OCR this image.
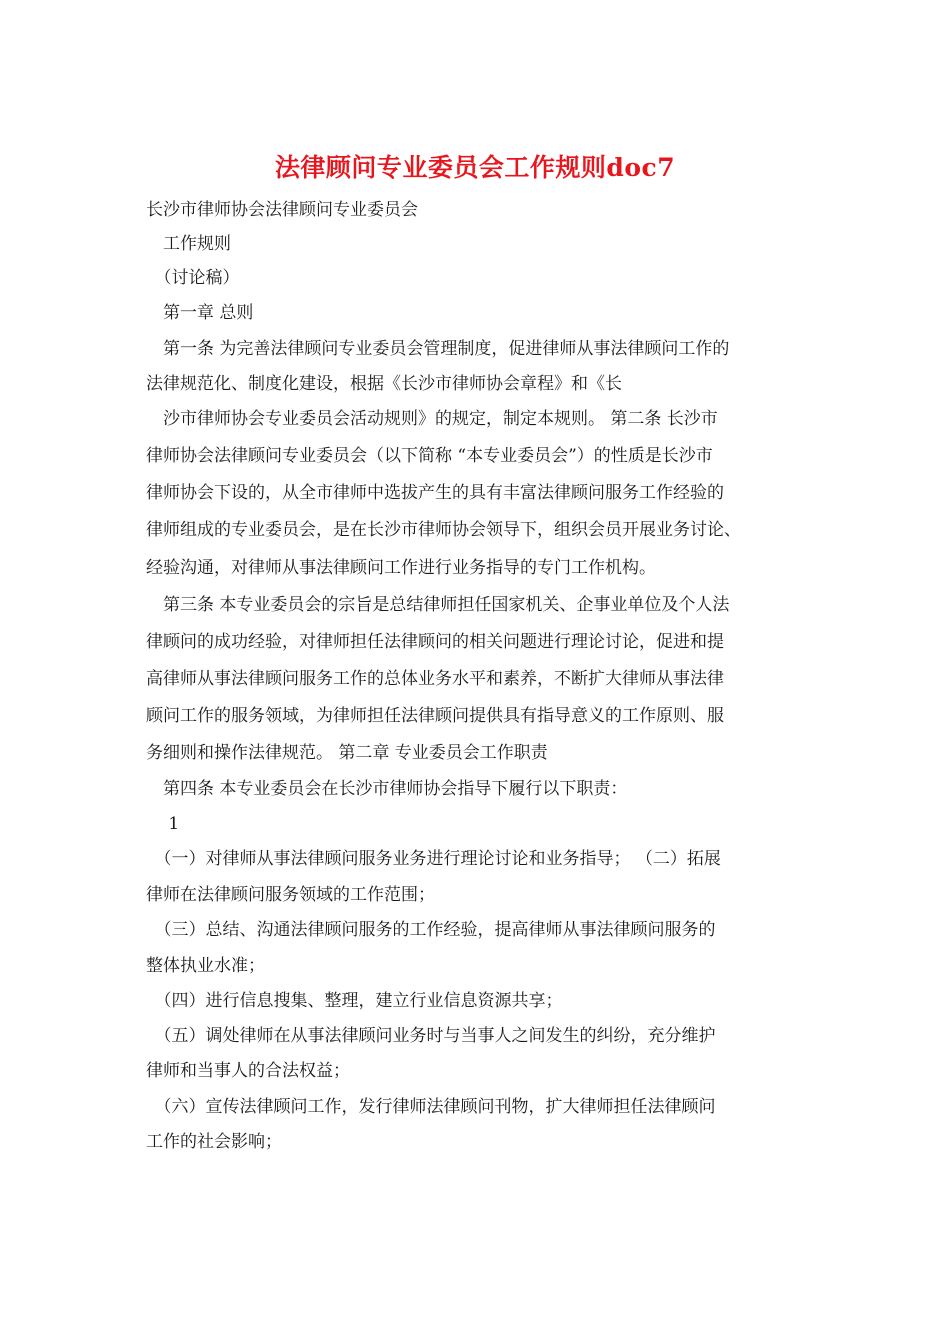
法律顾问专业委员会工作规则doc7
长沙市律师协会法律顾问专业委员会
　工作规则
　（讨论稿）
　第一章 总则
　第一条 为完善法律顾问专业委员会管理制度，促进律师从事法律顾问工作的
法律规范化、制度化建设，根据《长沙市律师协会章程》和《长
　沙市律师协会专业委员会活动规则》的规定，制定本规则。 第二条 长沙市
律师协会法律顾问专业委员会（以下简称 “本专业委员会”）的性质是长沙市
律师协会下设的，从全市律师中选拔产生的具有丰富法律顾问服务工作经验的
律师组成的专业委员会，是在长沙市律师协会领导下，组织会员开展业务讨论、
经验沟通，对律师从事法律顾问工作进行业务指导的专门工作机构。
　第三条 本专业委员会的宗旨是总结律师担任国家机关、企事业单位及个人法
律顾问的成功经验，对律师担任法律顾问的相关问题进行理论讨论，促进和提
高律师从事法律顾问服务工作的总体业务水平和素养，不断扩大律师从事法律
顾问工作的服务领域，为律师担任法律顾问提供具有指导意义的工作原则、服
务细则和操作法律规范。 第二章 专业委员会工作职责
　第四条 本专业委员会在长沙市律师协会指导下履行以下职责：
　 1
　（一）对律师从事法律顾问服务业务进行理论讨论和业务指导； （二）拓展
律师在法律顾问服务领域的工作范围；
　（三）总结、沟通法律顾问服务的工作经验，提高律师从事法律顾问服务的
整体执业水准；
　（四）进行信息搜集、整理，建立行业信息资源共享；
　（五）调处律师在从事法律顾问业务时与当事人之间发生的纠纷，充分维护
律师和当事人的合法权益；
　（六）宣传法律顾问工作，发行律师法律顾问刊物，扩大律师担任法律顾问
工作的社会影响；
